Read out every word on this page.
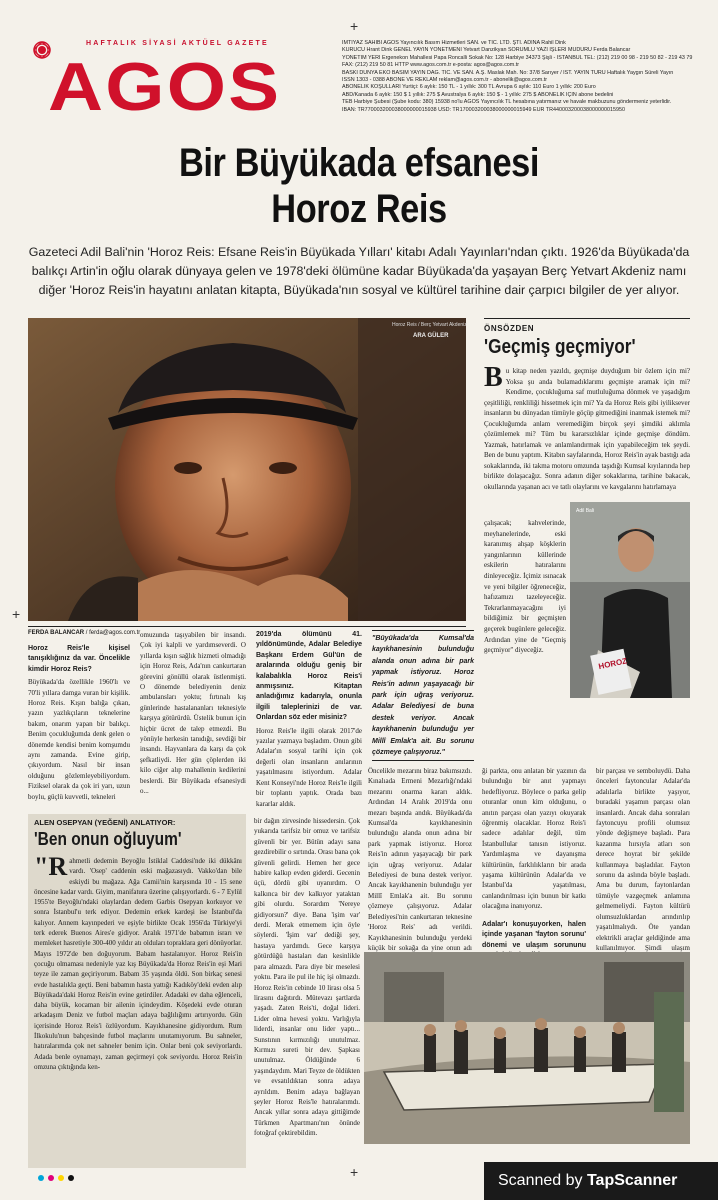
+
+
HAFTALIK SİYASİ AKTÜEL GAZETE
AGOS

İMTİYAZ SAHİBİ AGOS Yayıncılık Basım Hizmetleri SAN. ve TİC. LTD. ŞTİ. ADINA Rahil Dink

KURUCU Hrant Dink GENEL YAYIN YÖNETMENİ Yetvart Danzikyan SORUMLU YAZI İŞLERİ MÜDÜRÜ Ferda Balancar

YÖNETİM YERİ Ergenekon Mahallesi Papa Roncalli Sokak No: 128 Harbiye 34373 Şişli - İSTANBUL TEL: (212) 219 00 98 - 219 50 82 - 219 43 79

FAX: (212) 219 50 81 HTTP www.agos.com.tr e-posta: agos@agos.com.tr

BASKI DÜNYA EKO BASIM YAYIN DAĞ. TİC. VE SAN. A.Ş. Maslak Mah. No: 37/8 Sarıyer / İST. YAYIN TÜRÜ Haftalık Yaygın Süreli Yayın

ISSN 1303 - 0388 ABONE VE REKLAM reklam@agos.com.tr - abonelik@agos.com.tr

ABONELİK KOŞULLARI Yurtiçi: 6 aylık: 150 TL - 1 yıllık: 300 TL Avrupa 6 aylık: 110 Euro 1 yıllık: 200 Euro

ABD/Kanada 6 aylık: 150 $ 1 yıllık: 275 $ Avustralya 6 aylık: 150 $ - 1 yıllık: 275 $ ABONELİK İÇİN abone bedelini

TEB Harbiye Şubesi (Şube kodu: 380) 15938 no'lu AGOS Yayıncılık TL hesabına yatırmanız ve havale makbuzunu göndermeniz yeterlidir.

IBAN: TR770003200038000000015938 USD: TR170003200038000000015949 EUR TR440003200038000000015950

Bir Büyükada efsanesi
Horoz Reis
Gazeteci Adil Bali'nin 'Horoz Reis: Efsane Reis'in Büyükada Yılları' kitabı Adalı Yayınları'ndan çıktı. 1926'da Büyükada'da balıkçı Artin'in oğlu olarak dünyaya gelen ve 1978'deki ölümüne kadar Büyükada'da yaşayan Berç Yetvart Akdeniz namı diğer 'Horoz Reis'in hayatını anlatan kitapta, Büyükada'nın sosyal ve kültürel tarihine dair çarpıcı bilgiler de yer alıyor.
Horoz Reis / Berç Yetvart Akdeniz
ARA GÜLER
ÖNSÖZDEN
'Geçmiş geçmiyor'
B u kitap neden yazıldı, geçmişe duyduğum bir özlem için mi? Yoksa şu anda bulamadıklarımı geçmişte aramak için mi? Kendime, çocukluğuma saf mutluluğuma dönmek ve yaşadığım çeşitliliği, renkliliği hissetmek için mi? Ya da Horoz Reis gibi iyiliksever insanların bu dünyadan tümüyle göçüp gitmediğini inanmak istemek mi? Çocukluğumda anlam veremediğim birçok şeyi şimdiki aklımla çözümlemek mi? Tüm bu kararsızlıklar içinde geçmişe döndüm. Yazmak, hatırlamak ve anlamlandırmak için yapabileceğim tek şeydi. Ben de bunu yaptım. Kitabın sayfalarında, Horoz Reis'in ayak bastığı ada sokaklarında, iki takma motoru omzunda taşıdığı Kumsal kıyılarında hep birlikte dolaşacağız. Sonra adanın diğer sokaklarına, tarihine bakacak, okullarında yaşanan acı ve tatlı olaylarını ve kavgalarını hatırlamaya
çalışacak; kahvelerinde, meyhanelerinde, eski karanımış ahşap köşklerin yangınlarının küllerinde eskilerin hatıralarını dinleyeceğiz. İçimiz ısınacak ve yeni bilgiler öğreneceğiz, hafızamızı tazeleyeceğiz. Tekrarlanmayacağını iyi bildiğimiz bir geçmişten geçerek bugünlere geleceğiz. Ardından yine de "Geçmiş geçmiyor" diyeceğiz.
HOROZ
Adil Bali
FERDA BALANCAR / ferda@agos.com.tr
Horoz Reis'le kişisel tanışıklığınız da var. Öncelikle kimdir Horoz Reis?
Büyükada'da özellikle 1960'lı ve 70'li yıllara damga vuran bir kişilik. Horoz Reis. Kışın balığa çıkan, yazın yazlıkçıların teknelerine bakım, onarım yapan bir balıkçı. Benim çocukluğumda denk gelen o dönemde kendisi benim komşumdu aynı zamanda. Evine girip, çıkıyordum. Nasıl bir insan olduğunu gözlemleyebiliyordum. Fiziksel olarak da çok iri yarı, uzun boylu, güçlü kuvvetli, tekneleri
omuzunda taşıyabilen bir insandı. Çok iyi kalpli ve yardımseverdi. O yıllarda kışın sağlık hizmeti olmadığı için Horoz Reis, Ada'nın cankurtaran görevini gönüllü olarak üstlenmişti. O dönemde belediyenin deniz ambulansları yoktu; fırtınalı kış günlerinde hastalananları teknesiyle karşıya götürürdü. Üstelik bunun için hiçbir ücret de talep etmezdi. Bu yönüyle herkesin tanıdığı, sevdiği bir insandı. Hayvanlara da karşı da çok şefkatliydi. Her gün çöplerden iki kilo ciğer alıp mahallenin kedilerini beslerdi. Bir Büyükada efsanesiydi o...
2019'da ölümünü 41. yıldönümünde, Adalar Belediye Başkanı Erdem Gül'ün de aralarında olduğu geniş bir kalabalıkla Horoz Reis'i anmışsınız. Kitaptan anladığımız kadarıyla, onunla ilgili taleplerinizi de var. Onlardan söz eder misiniz?
Horoz Reis'le ilgili olarak 2017'de yazılar yazmaya başladım. Onun gibi Adalar'ın sosyal tarihi için çok değerli olan insanların anılarının yaşatılmasını istiyordum. Adalar Kent Konseyi'nde Horoz Reis'le ilgili bir toplantı yaptık. Orada bazı kararlar aldık.
"Büyükada'da Kumsal'da kayıkhanesinin bulunduğu alanda onun adına bir park yapmak istiyoruz. Horoz Reis'in adının yaşayacağı bir park için uğraş veriyoruz. Adalar Belediyesi de buna destek veriyor. Ancak kayıkhanenin bulunduğu yer Millî Emlak'a ait. Bu sorunu çözmeye çalışıyoruz."
Öncelikle mezarını biraz bakımsızdı. Kınalıada Ermeni Mezarlığı'ndaki mezarını onarma kararı aldık. Ardından 14 Aralık 2019'da onu mezarı başında andık. Büyükada'da Kumsal'da kayıkhanesinin bulunduğu alanda onun adına bir park yapmak istiyoruz. Horoz Reis'in adının yaşayacağı bir park için uğraş veriyoruz. Adalar Belediyesi de buna destek veriyor. Ancak kayıkhanenin bulunduğu yer Millî Emlak'a ait. Bu sorunu çözmeye çalışıyoruz. Adalar Belediyesi'nin cankurtaran teknesine 'Horoz Reis' adı verildi. Kayıkhanesinin bulunduğu yerdeki küçük bir sokağa da yine onun adı
ği parkta, onu anlatan bir yazının da bulunduğu bir anıt yapmayı hedefliyoruz. Böylece o parka gelip oturanlar onun kim olduğunu, o anıtın parçası olan yazıyı okuyarak öğrenmiş olacaklar. Horoz Reis'i sadece adalılar değil, tüm İstanbullular tanısın istiyoruz. Yardımlaşma ve dayanışma kültürünün, farklılıkların bir arada yaşama kültürünün Adalar'da ve İstanbul'da yaşatılması, canlandırılması için bunun bir katkı olacağına inanıyoruz.
Adalar'ı konuşuyorken, halen içinde yaşanan 'fayton sorunu' dönemi ve ulaşım sorununu
bir parçası ve semboluydü. Daha önceleri faytoncular Adalar'da adalılarla birlikte yaşıyor, buradaki yaşamın parçası olan insanlardı. Ancak daha sonraları faytoncuyu profili olumsuz yönde değişmeye başladı. Para kazanma hırsıyla atları son derece hoyrat bir şekilde kullanmaya başladılar. Fayton sorunu da aslında böyle başladı. Ama bu durum, faytonlardan tümüyle vazgeçmek anlamına gelmemeliydi. Fayton kültürü olumsuzluklardan arındırılıp yaşatılmalıydı. Öte yandan elektrikli araçlar geldiğinde ama kullanılmıyor. Şimdi ulaşım
ALEN OSEPYAN (YEĞENİ) ANLATIYOR:
'Ben onun oğluyum'
"R ahmetli dedemin Beyoğlu İstiklal Caddesi'nde iki dükkânı vardı. 'Osep' caddenin eski mağazasıydı. Vakko'dan bile eskiydi bu mağaza. Ağa Camii'nin karşısında 10 - 15 sene öncesine kadar vardı. Giyim, manifatura üzerine çalışıyorlardı. 6 - 7 Eylül 1955'te Beyoğlu'ndaki olaylardan dedem Garbis Osepyan korkuyor ve sonra İstanbul'u terk ediyor. Dedemin erkek kardeşi ise İstanbul'da kalıyor. Annem kayınpederi ve eşiyle birlikte Ocak 1956'da Türkiye'yi terk ederek Buenos Aires'e gidiyor. Aralık 1971'de babamın israrı ve memleket hasretiyle 300-400 yıldır atı olduları topraklara geri dönüyorlar. Mayıs 1972'de ben doğuyorum. Babam hastalanıyor. Horoz Reis'in çocuğu olmaması nedeniyle yaz kış Büyükada'da Horoz Reis'in eşi Mari teyze ile zaman geçiriyorum. Babam 35 yaşında öldü. Son birkaç senesi evde hastalıkla geçti. Beni babamın hasta yattığı Kadıköy'deki evden alıp Büyükada'daki Horoz Reis'in evine getirdiler. Adadaki ev daha eğlenceli, daha büyük, kocaman bir ailenin içindeydim. Köşedeki evde oturan arkadaşım Deniz ve futbol maçları adaya bağlılığımı artırıyordu. Gün içerisinde Horoz Reis'i özlüyordum. Kayıkhanesine gidiyordum. Rum İlkokulu'nun bahçesinde futbol maçlarını unutamıyorum. Bu sahneler, hatıralarımda çok net sahneler benim için. Onlar beni çok seviyorlardı. Adada benle oynamayı, zaman geçirmeyi çok seviyordu. Horoz Reis'in omzuna çıktığında ken-
bir dağın zirvesinde hissedersin. Çok yukarıda tarifsiz bir omuz ve tarifsiz güvenli bir yer. Bütün adayı sana gezdirebilir o sırtında. Orası bana çok güvenli gelirdi. Hemen her gece habire kalkıp evden giderdi. Gecenin üçü, dördü gibi uyanırdım. O kalkınca bir dev kalkıyor yataktan gibi olurdu. Sorardım 'Nereye gidiyorsun?' diye. Bana 'işim var' derdi. Merak etmemem için öyle söylerdi. 'İşim var' dediği şey, hastaya yardımdı. Gece karşıya götürdüğü hastaları dan kesinlikle para almazdı. Para diye bir meselesi yoktu. Para ile pul ile hiç işi olmazdı. Horoz Reis'in cebinde 10 lirası olsa 5 lirasını dağıtırdı. Mütevazı şartlarda yaşadı. Zaten Reis'ti, doğal lideri. Lider olma hevesi yoktu. Varlığıyla liderdi, insanlar onu lider yaptı... Sunstının kırmızılığı unutulmaz. Kırmızı sureti bir dev. Şapkası unutulmaz. Öldüğünde 6 yaşındaydım. Mari Teyze de öldükten ve evsatıldıktan sonra adaya ayrıldım. Benim adaya bağlayan şeyler Horoz Reis'le hatıralarımdı. Ancak yıllar sonra adaya gittiğimde Türkmen Apartmanı'nın önünde fotoğraf çektirebildim.
+	Scanned by TapScanner
